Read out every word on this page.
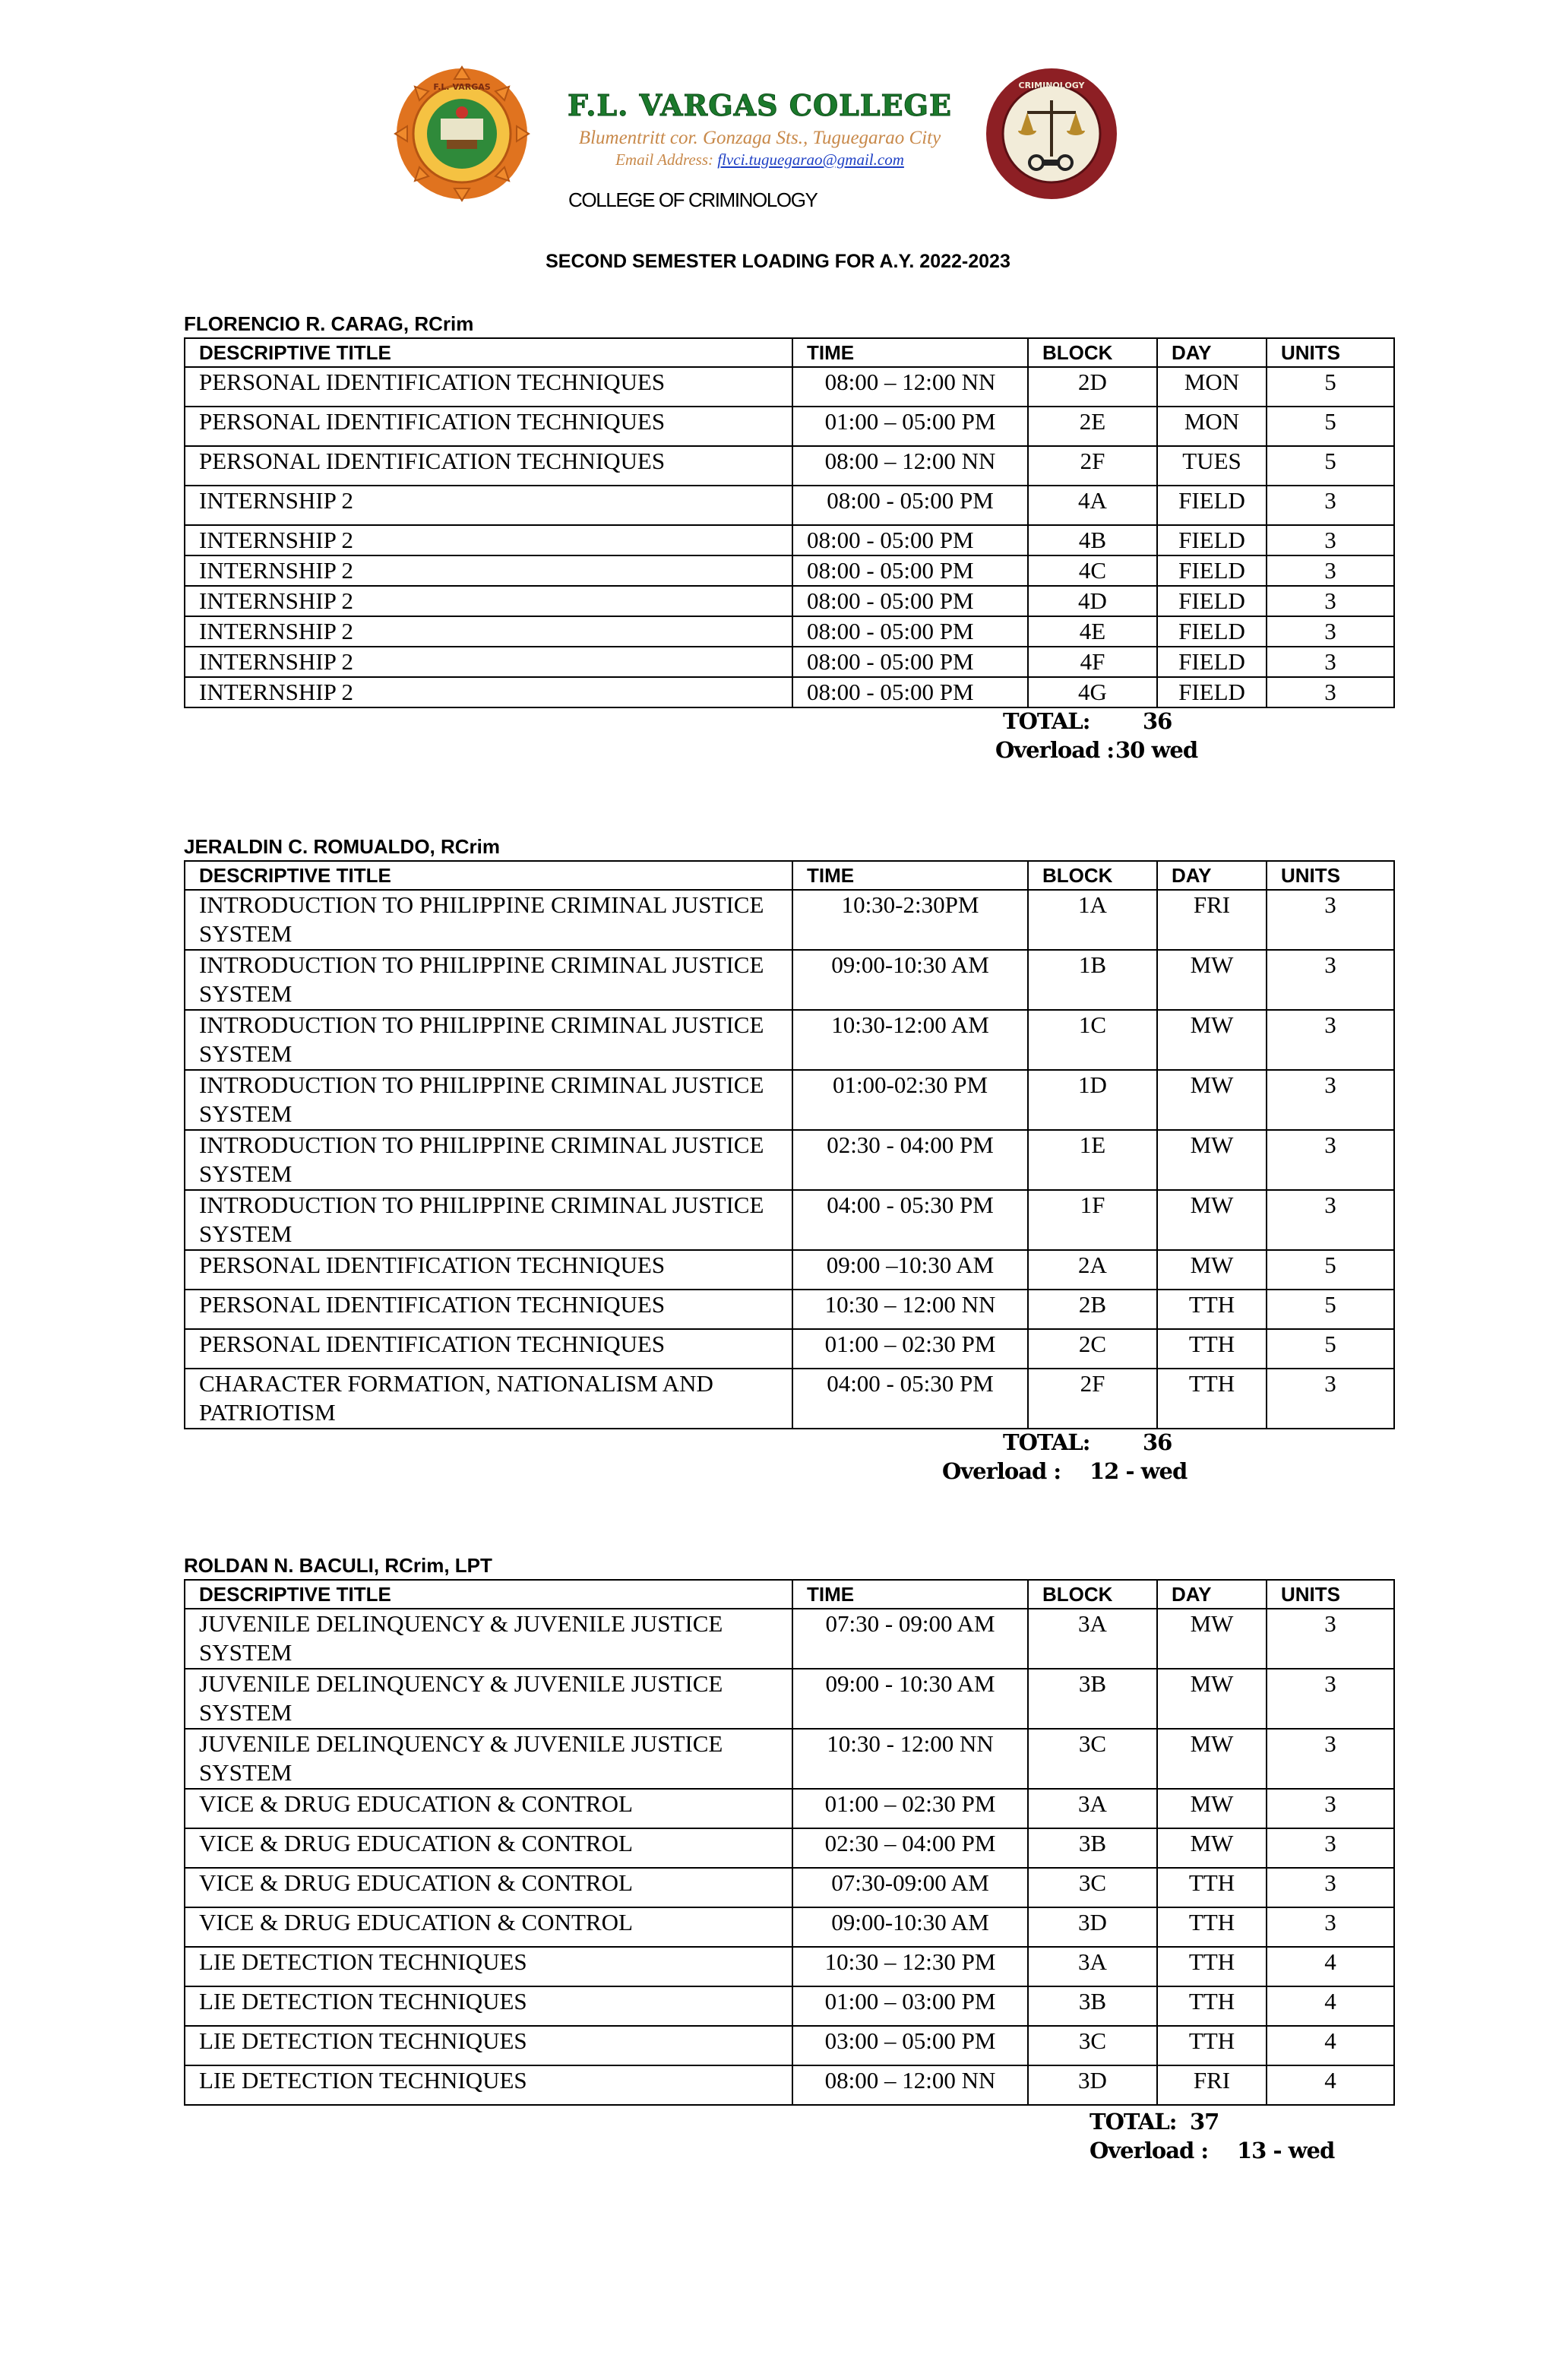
F.L. VARGAS
F.L. VARGAS COLLEGE
Blumentritt cor. Gonzaga Sts., Tuguegarao City
Email Address: flvci.tuguegarao@gmail.com
CRIMINOLOGY
COLLEGE OF CRIMINOLOGY
SECOND SEMESTER LOADING FOR A.Y. 2022-2023
FLORENCIO R. CARAG, RCrim
DESCRIPTIVE TITLE	TIME	BLOCK	DAY	UNITS
PERSONAL IDENTIFICATION TECHNIQUES	08:00 – 12:00 NN	2D	MON	5
PERSONAL IDENTIFICATION TECHNIQUES	01:00 – 05:00 PM	2E	MON	5
PERSONAL IDENTIFICATION TECHNIQUES	08:00 – 12:00 NN	2F	TUES	5
INTERNSHIP 2	08:00 - 05:00 PM	4A	FIELD	3
INTERNSHIP 2	08:00 - 05:00 PM	4B	FIELD	3
INTERNSHIP 2	08:00 - 05:00 PM	4C	FIELD	3
INTERNSHIP 2	08:00 - 05:00 PM	4D	FIELD	3
INTERNSHIP 2	08:00 - 05:00 PM	4E	FIELD	3
INTERNSHIP 2	08:00 - 05:00 PM	4F	FIELD	3
INTERNSHIP 2	08:00 - 05:00 PM	4G	FIELD	3
TOTAL: 36
Overload : 30 wed
JERALDIN C. ROMUALDO, RCrim
DESCRIPTIVE TITLE	TIME	BLOCK	DAY	UNITS
INTRODUCTION TO PHILIPPINE CRIMINAL JUSTICE SYSTEM	10:30-2:30PM	1A	FRI	3
INTRODUCTION TO PHILIPPINE CRIMINAL JUSTICE SYSTEM	09:00-10:30 AM	1B	MW	3
INTRODUCTION TO PHILIPPINE CRIMINAL JUSTICE SYSTEM	10:30-12:00 AM	1C	MW	3
INTRODUCTION TO PHILIPPINE CRIMINAL JUSTICE SYSTEM	01:00-02:30 PM	1D	MW	3
INTRODUCTION TO PHILIPPINE CRIMINAL JUSTICE SYSTEM	02:30 - 04:00 PM	1E	MW	3
INTRODUCTION TO PHILIPPINE CRIMINAL JUSTICE SYSTEM	04:00 - 05:30 PM	1F	MW	3
PERSONAL IDENTIFICATION TECHNIQUES	09:00 –10:30 AM	2A	MW	5
PERSONAL IDENTIFICATION TECHNIQUES	10:30 – 12:00 NN	2B	TTH	5
PERSONAL IDENTIFICATION TECHNIQUES	01:00 – 02:30 PM	2C	TTH	5
CHARACTER FORMATION, NATIONALISM AND PATRIOTISM	04:00 - 05:30 PM	2F	TTH	3
TOTAL: 36
Overload : 12 - wed
ROLDAN N. BACULI, RCrim, LPT
DESCRIPTIVE TITLE	TIME	BLOCK	DAY	UNITS
JUVENILE DELINQUENCY & JUVENILE JUSTICE SYSTEM	07:30 - 09:00 AM	3A	MW	3
JUVENILE DELINQUENCY & JUVENILE JUSTICE SYSTEM	09:00 - 10:30 AM	3B	MW	3
JUVENILE DELINQUENCY & JUVENILE JUSTICE SYSTEM	10:30 - 12:00 NN	3C	MW	3
VICE & DRUG EDUCATION & CONTROL	01:00 – 02:30 PM	3A	MW	3
VICE & DRUG EDUCATION & CONTROL	02:30 – 04:00 PM	3B	MW	3
VICE & DRUG EDUCATION & CONTROL	07:30-09:00 AM	3C	TTH	3
VICE & DRUG EDUCATION & CONTROL	09:00-10:30 AM	3D	TTH	3
LIE DETECTION TECHNIQUES	10:30 – 12:30 PM	3A	TTH	4
LIE DETECTION TECHNIQUES	01:00 – 03:00 PM	3B	TTH	4
LIE DETECTION TECHNIQUES	03:00 – 05:00 PM	3C	TTH	4
LIE DETECTION TECHNIQUES	08:00 – 12:00 NN	3D	FRI	4
TOTAL: 37
Overload : 13 - wed
